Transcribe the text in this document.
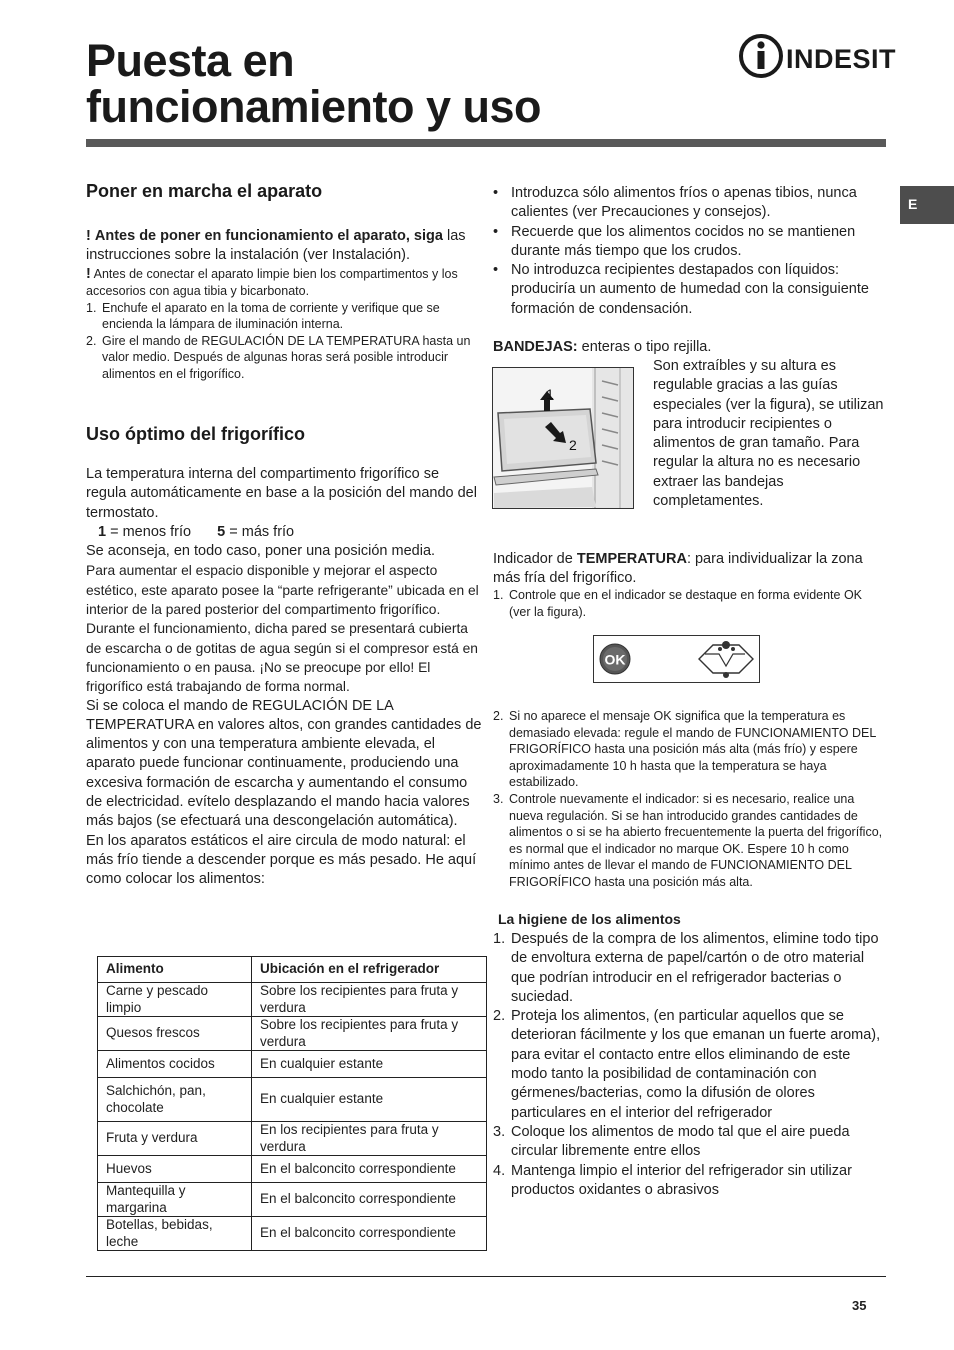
Puesta en
funcionamiento y uso
INDESIT
E
Poner en marcha el aparato
! Antes de poner en funcionamiento el aparato, siga las instrucciones sobre la instalación (ver Instalación).
! Antes de conectar el aparato limpie bien los compartimentos y los accesorios con agua tibia y bicarbonato.
1. Enchufe el aparato en la toma de corriente y verifique que se encienda la lámpara de iluminación interna.
2. Gire el mando de REGULACIÓN DE LA TEMPERATURA hasta un valor medio. Después de algunas horas será posible introducir alimentos en el frigorífico.
Uso óptimo del frigorífico
La temperatura interna del compartimento frigorífico se regula automáticamente en base a la posición del mando del termostato.
1 = menos frío 5 = más frío
Se aconseja, en todo caso, poner una posición media.
Para aumentar el espacio disponible y mejorar el aspecto estético, este aparato posee la “parte refrigerante” ubicada en el interior de la pared posterior del compartimento frigorífico. Durante el funcionamiento, dicha pared se presentará cubierta de escarcha o de gotitas de agua según si el compresor está en funcionamiento o en pausa. ¡No se preocupe por ello! El frigorífico está trabajando de forma normal.
Si se coloca el mando de REGULACIÓN DE LA TEMPERATURA en valores altos, con grandes cantidades de alimentos y con una temperatura ambiente elevada, el aparato puede funcionar continuamente, produciendo una excesiva formación de escarcha y aumentando el consumo de electricidad. evítelo desplazando el mando hacia valores más bajos (se efectuará una descongelación automática).
En los aparatos estáticos el aire circula de modo natural: el más frío tiende a descender porque es más pesado. He aquí como colocar los alimentos:
Alimento	Ubicación en el refrigerador
Carne y pescado limpio	Sobre los recipientes para fruta y verdura
Quesos frescos	Sobre los recipientes para fruta y verdura
Alimentos cocidos	En cualquier estante
Salchichón, pan, chocolate	En cualquier estante
Fruta y verdura	En los recipientes para fruta y verdura
Huevos	En el balconcito correspondiente
Mantequilla y margarina	En el balconcito correspondiente
Botellas, bebidas, leche	En el balconcito correspondiente
• Introduzca sólo alimentos fríos o apenas tibios, nunca calientes (ver Precauciones y consejos).
• Recuerde que los alimentos cocidos no se mantienen durante más tiempo que los crudos.
• No introduzca recipientes destapados con líquidos: produciría un aumento de humedad con la consiguiente formación de condensación.
BANDEJAS: enteras o tipo rejilla.
1
2
Son extraíbles y su altura es regulable gracias a las guías especiales (ver la figura), se utilizan para introducir recipientes o alimentos de gran tamaño. Para regular la altura no es necesario extraer las bandejas completamentes.
Indicador de TEMPERATURA: para individualizar la zona más fría del frigorífico.
1. Controle que en el indicador se destaque en forma evidente OK (ver la figura).
OK
2. Si no aparece el mensaje OK significa que la temperatura es demasiado elevada: regule el mando de FUNCIONAMIENTO DEL FRIGORÍFICO hasta una posición más alta (más frío) y espere aproximadamente 10 h hasta que la temperatura se haya estabilizado.
3. Controle nuevamente el indicador: si es necesario, realice una nueva regulación. Si se han introducido grandes cantidades de alimentos o si se ha abierto frecuentemente la puerta del frigorífico, es normal que el indicador no marque OK. Espere 10 h como mínimo antes de llevar el mando de FUNCIONAMIENTO DEL FRIGORÍFICO hasta una posición más alta.
La higiene de los alimentos
1. Después de la compra de los alimentos, elimine todo tipo de envoltura externa de papel/cartón o de otro material que podrían introducir en el refrigerador bacterias o suciedad.
2. Proteja los alimentos, (en particular aquellos que se deterioran fácilmente y los que emanan un fuerte aroma), para evitar el contacto entre ellos eliminando de este modo tanto la posibilidad de contaminación con gérmenes/bacterias, como la difusión de olores particulares en el interior del refrigerador
3. Coloque los alimentos de modo tal que el aire pueda circular libremente entre ellos
4. Mantenga limpio el interior del refrigerador sin utilizar productos oxidantes o abrasivos
35
